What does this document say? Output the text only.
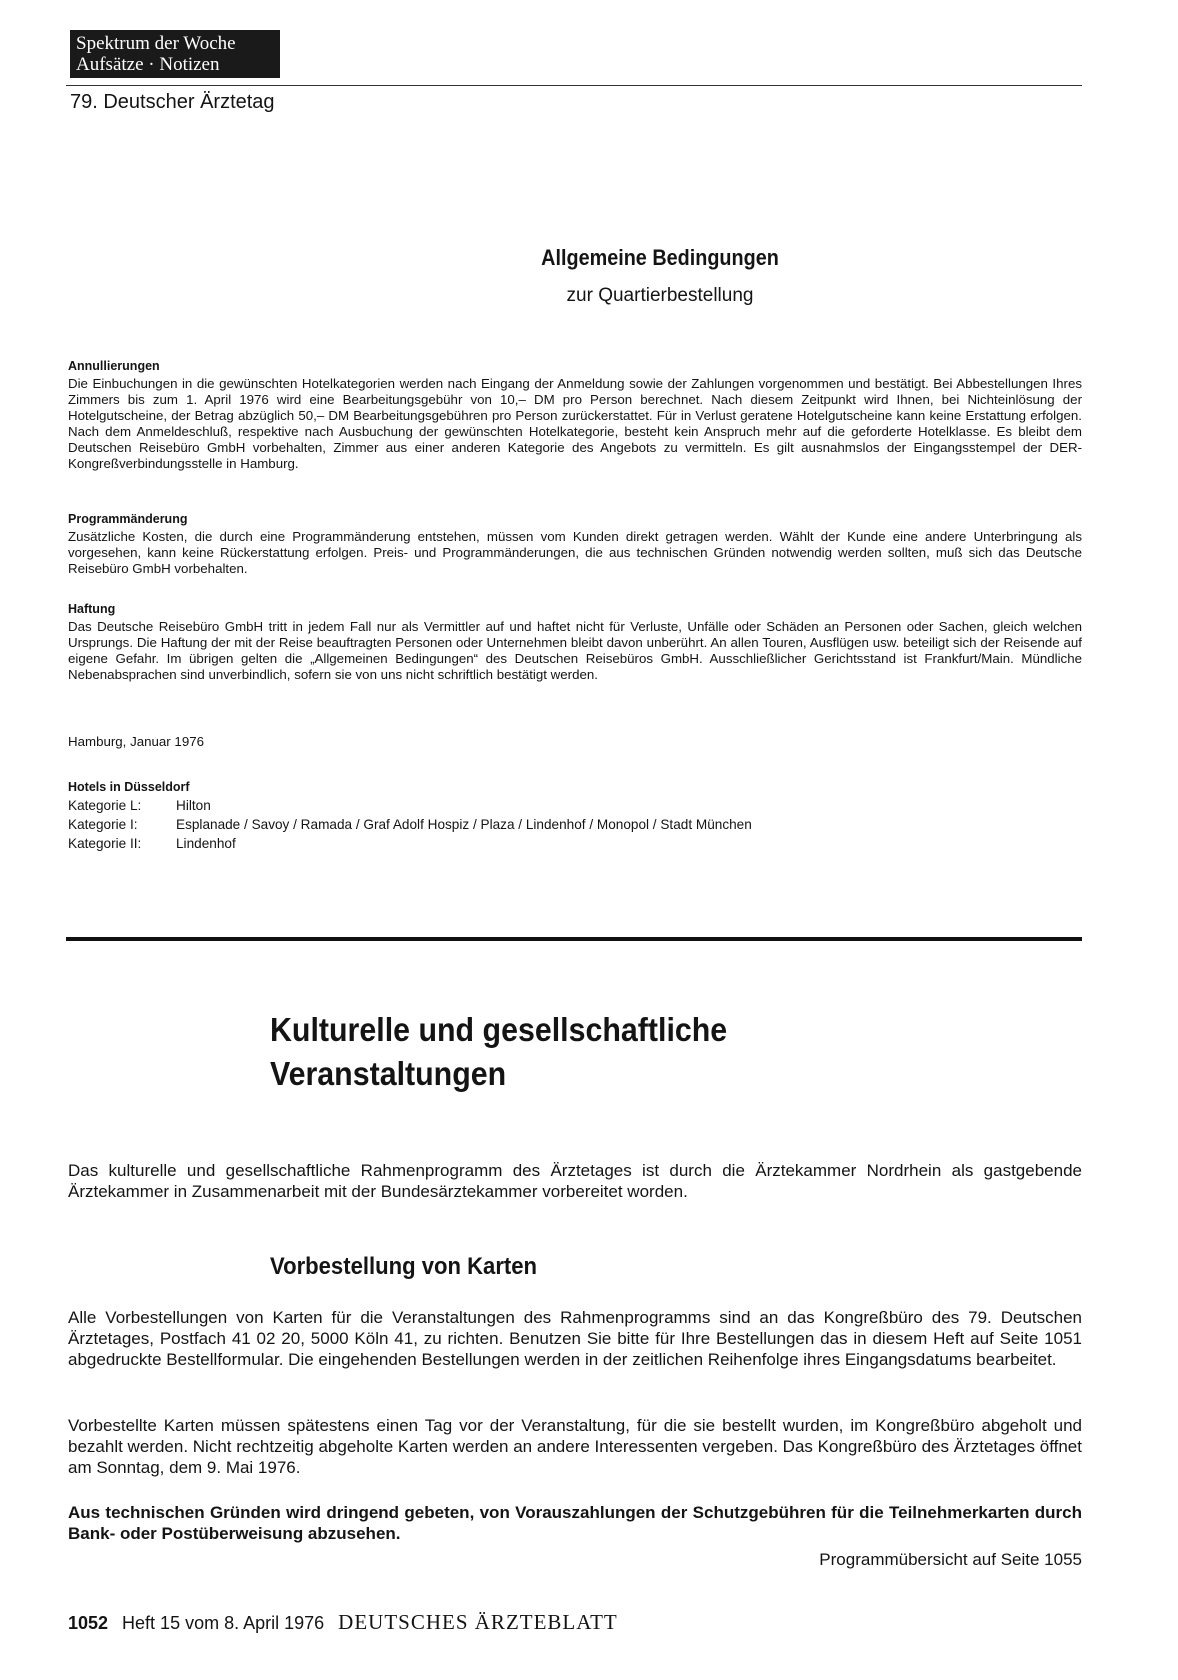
Spektrum der Woche
Aufsätze · Notizen
79. Deutscher Ärztetag
Allgemeine Bedingungen
zur Quartierbestellung
Annullierungen

Die Einbuchungen in die gewünschten Hotelkategorien werden nach Eingang der Anmeldung sowie der Zahlungen vorgenommen und bestätigt. Bei Abbestellungen Ihres Zimmers bis zum 1. April 1976 wird eine Bearbeitungsgebühr von 10,– DM pro Person berechnet. Nach diesem Zeitpunkt wird Ihnen, bei Nichteinlösung der Hotelgutscheine, der Betrag abzüglich 50,– DM Bearbeitungsgebühren pro Person zurückerstattet. Für in Verlust geratene Hotelgutscheine kann keine Erstattung erfolgen. Nach dem Anmeldeschluß, respektive nach Ausbuchung der gewünschten Hotelkategorie, besteht kein Anspruch mehr auf die geforderte Hotelklasse. Es bleibt dem Deutschen Reisebüro GmbH vorbehalten, Zimmer aus einer anderen Kategorie des Angebots zu vermitteln. Es gilt ausnahmslos der Eingangsstempel der DER-Kongreßverbindungsstelle in Hamburg.

Programmänderung

Zusätzliche Kosten, die durch eine Programmänderung entstehen, müssen vom Kunden direkt getragen werden. Wählt der Kunde eine andere Unterbringung als vorgesehen, kann keine Rückerstattung erfolgen. Preis- und Programmänderungen, die aus technischen Gründen notwendig werden sollten, muß sich das Deutsche Reisebüro GmbH vorbehalten.

Haftung

Das Deutsche Reisebüro GmbH tritt in jedem Fall nur als Vermittler auf und haftet nicht für Verluste, Unfälle oder Schäden an Personen oder Sachen, gleich welchen Ursprungs. Die Haftung der mit der Reise beauftragten Personen oder Unternehmen bleibt davon unberührt. An allen Touren, Ausflügen usw. beteiligt sich der Reisende auf eigene Gefahr. Im übrigen gelten die „Allgemeinen Bedingungen“ des Deutschen Reisebüros GmbH. Ausschließlicher Gerichtsstand ist Frankfurt/Main. Mündliche Nebenabsprachen sind unverbindlich, sofern sie von uns nicht schriftlich bestätigt werden.

Hamburg, Januar 1976

Hotels in Düsseldorf
Kategorie L:	Hilton
Kategorie I:	Esplanade / Savoy / Ramada / Graf Adolf Hospiz / Plaza / Lindenhof / Monopol / Stadt München
Kategorie II:	Lindenhof
Kulturelle und gesellschaftliche
Veranstaltungen
Das kulturelle und gesellschaftliche Rahmenprogramm des Ärztetages ist durch die Ärztekammer Nordrhein als gastgebende Ärztekammer in Zusammenarbeit mit der Bundesärztekammer vorbereitet worden.
Vorbestellung von Karten
Alle Vorbestellungen von Karten für die Veranstaltungen des Rahmenprogramms sind an das Kongreßbüro des 79. Deutschen Ärztetages, Postfach 41 02 20, 5000 Köln 41, zu richten. Benutzen Sie bitte für Ihre Bestellungen das in diesem Heft auf Seite 1051 abgedruckte Bestellformular. Die eingehenden Bestellungen werden in der zeitlichen Reihenfolge ihres Eingangsdatums bearbeitet.
Vorbestellte Karten müssen spätestens einen Tag vor der Veranstaltung, für die sie bestellt wurden, im Kongreßbüro abgeholt und bezahlt werden. Nicht rechtzeitig abgeholte Karten werden an andere Interessenten vergeben. Das Kongreßbüro des Ärztetages öffnet am Sonntag, dem 9. Mai 1976.
Aus technischen Gründen wird dringend gebeten, von Vorauszahlungen der Schutzgebühren für die Teilnehmerkarten durch Bank- oder Postüberweisung abzusehen.
Programmübersicht auf Seite 1055
1052 Heft 15 vom 8. April 1976 DEUTSCHES ÄRZTEBLATT
